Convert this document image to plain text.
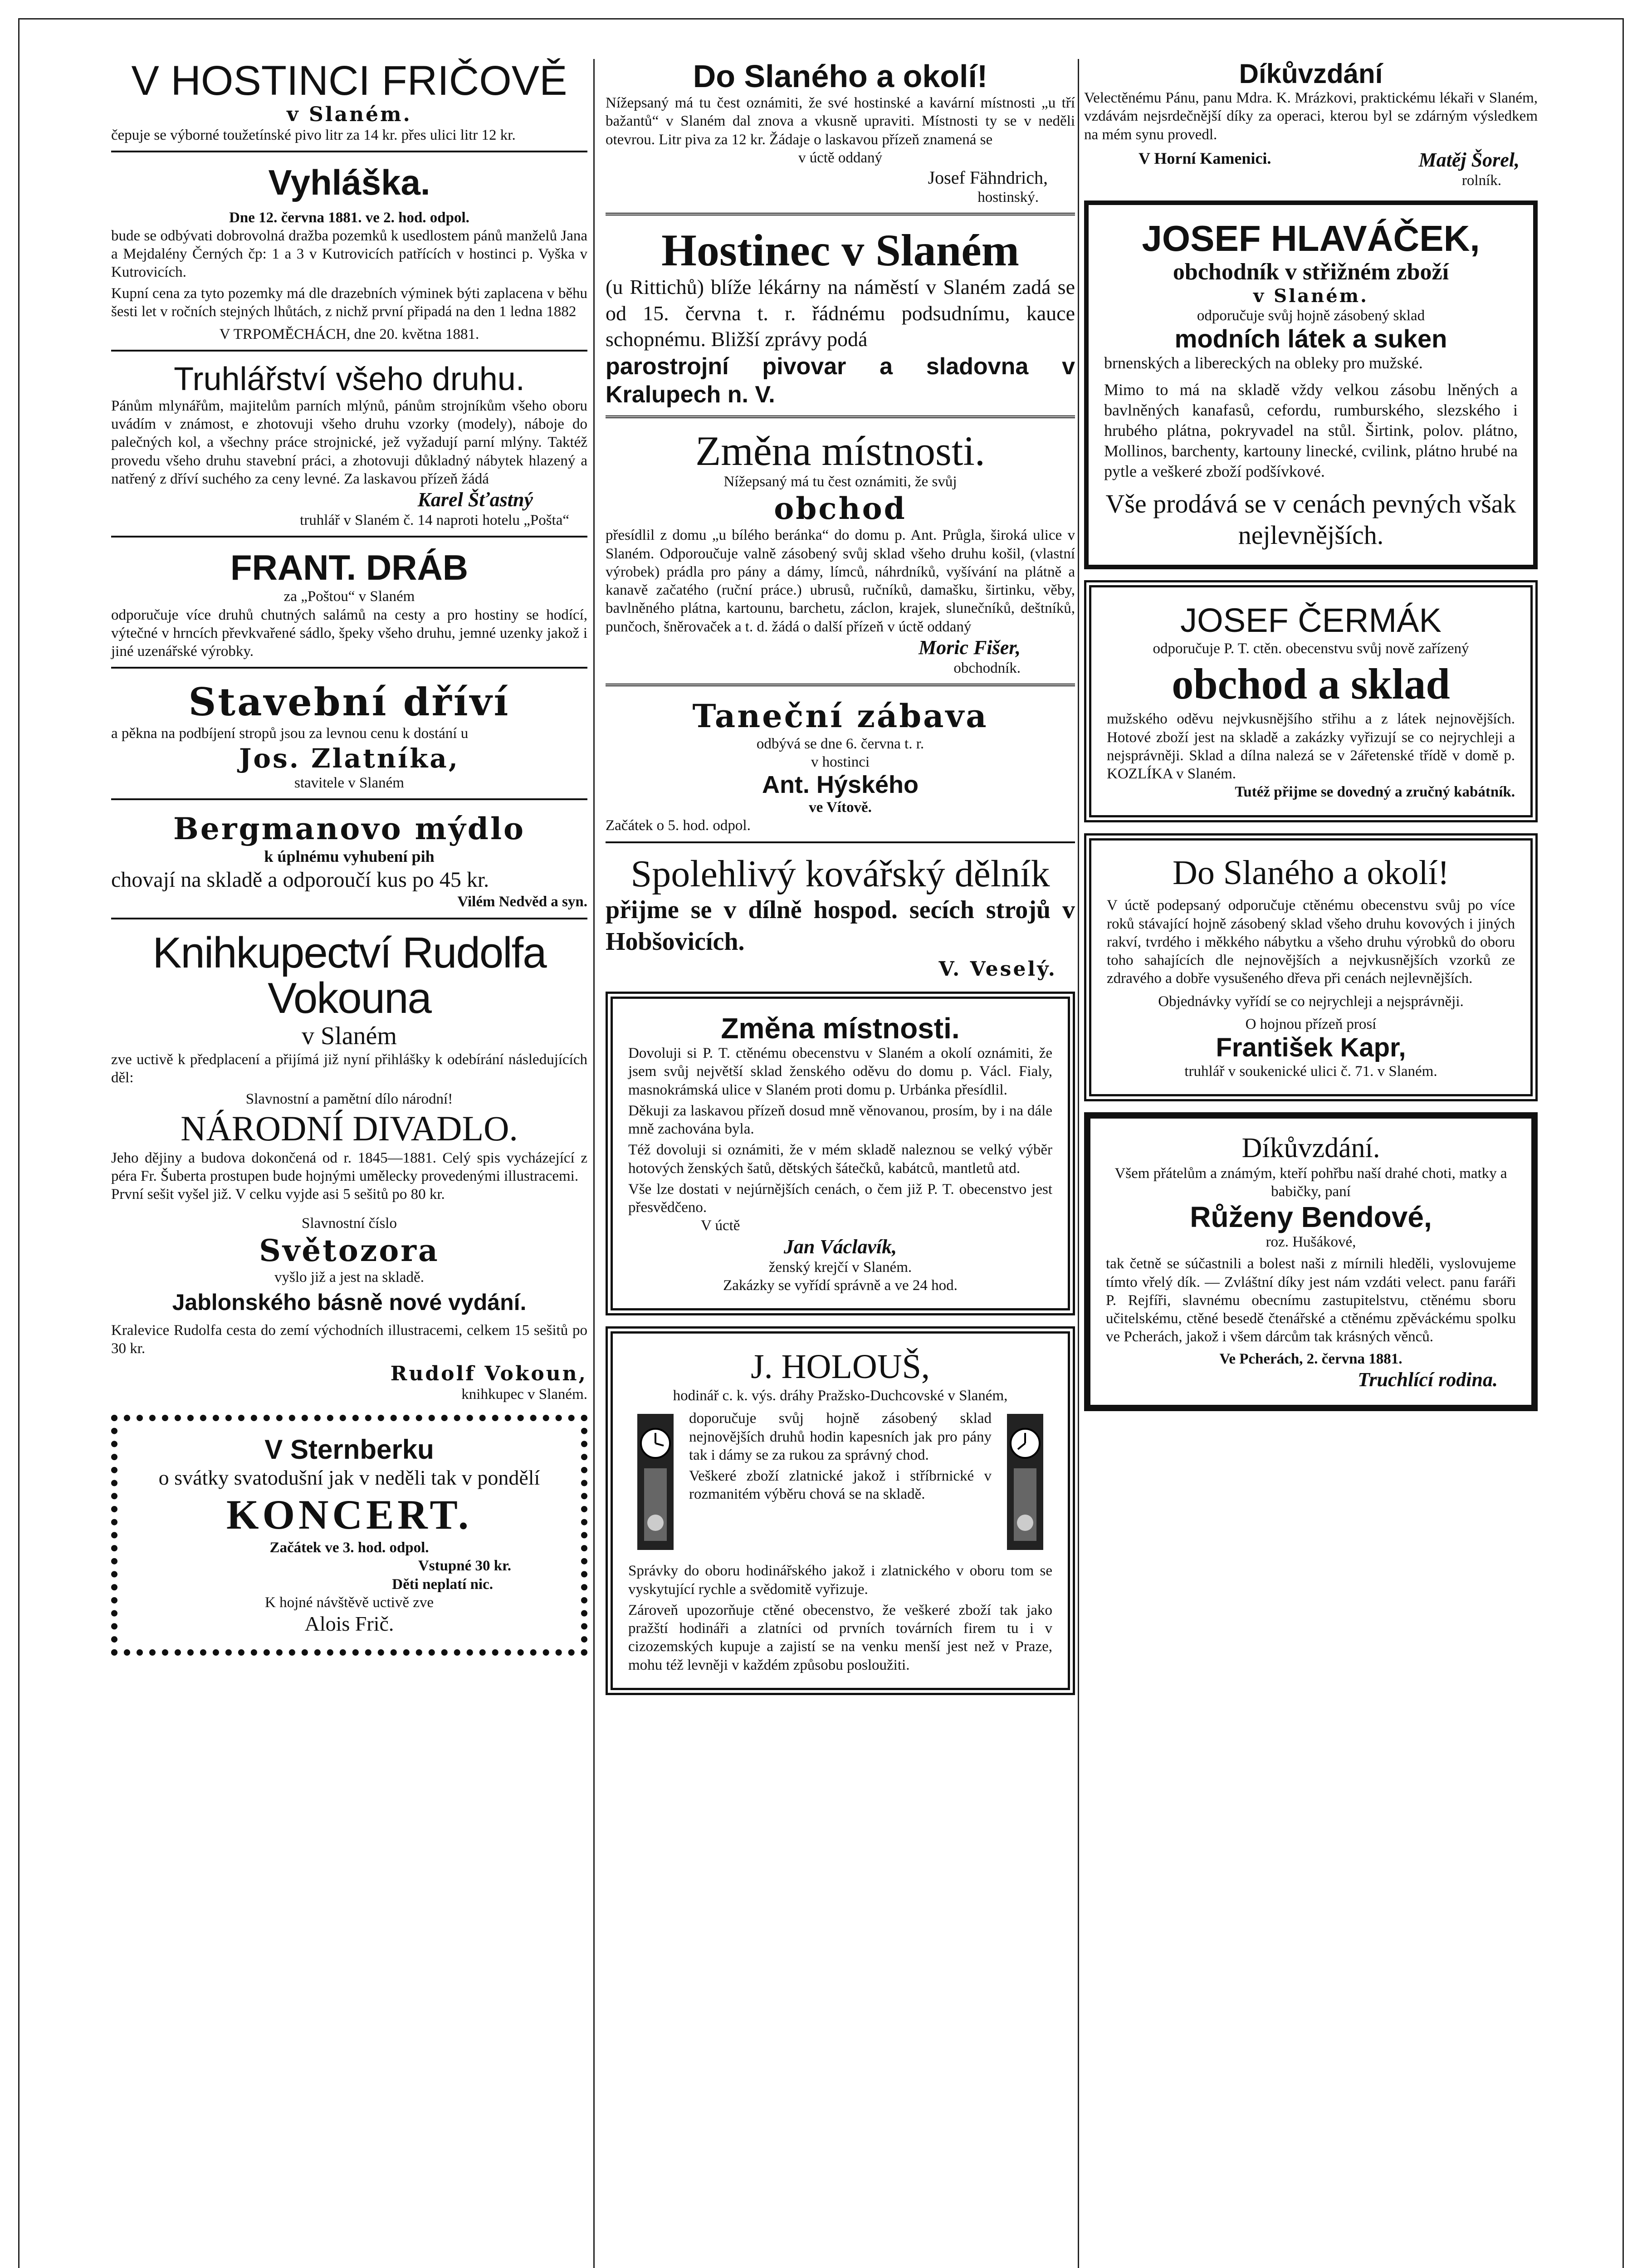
V HOSTINCI FRIČOVĚ

v Slaném.

čepuje se výborné toužetínské pivo litr za 14 kr. přes ulici litr 12 kr.

Vyhláška.

Dne 12. června 1881. ve 2. hod. odpol.

bude se odbývati dobrovolná dražba pozemků k usedlostem pánů manželů Jana a Mejdalény Černých čp: 1 a 3 v Kutrovicích patřících v hostinci p. Vyška v Kutrovicích.

Kupní cena za tyto pozemky má dle drazebních výminek býti zaplacena v běhu šesti let v ročních stejných lhůtách, z nichž první připadá na den 1 ledna 1882

V TRPOMĚCHÁCH, dne 20. května 1881.

Truhlářství všeho druhu.

Pánům mlynářům, majitelům parních mlýnů, pánům strojníkům všeho oboru uvádím v známost, e zhotovuji všeho druhu vzorky (modely), náboje do palečných kol, a všechny práce strojnické, jež vyžadují parní mlýny. Taktéž provedu všeho druhu stavební práci, a zhotovuji důkladný nábytek hlazený a natřený z dříví suchého za ceny levné. Za laskavou přízeň žádá

Karel Šťastný

truhlář v Slaném č. 14 naproti hotelu „Pošta“

FRANT. DRÁB

za „Poštou“ v Slaném

odporučuje více druhů chutných salámů na cesty a pro hostiny se hodící, výtečné v hrncích převkvařené sádlo, špeky všeho druhu, jemné uzenky jakož i jiné uzenářské výrobky.

Stavební dříví

a pěkna na podbíjení stropů jsou za levnou cenu k dostání u

Jos. Zlatníka,

stavitele v Slaném

Bergmanovo mýdlo

k úplnému vyhubení pih

chovají na skladě a odporoučí kus po 45 kr.

Vilém Nedvěd a syn.

Knihkupectví Rudolfa Vokouna

v Slaném

zve uctivě k předplacení a přijímá již nyní přihlášky k odebírání následujících děl:

Slavnostní a pamětní dílo národní!

NÁRODNÍ DIVADLO.

Jeho dějiny a budova dokončená od r. 1845—1881. Celý spis vycházející z péra Fr. Šuberta prostupen bude hojnými umělecky provedenými illustracemi.

První sešit vyšel již. V celku vyjde asi 5 sešitů po 80 kr.

Slavnostní číslo

Světozora

vyšlo již a jest na skladě.

Jablonského básně nové vydání.

Kralevice Rudolfa cesta do zemí východních illustracemi, celkem 15 sešitů po 30 kr.

Rudolf Vokoun,

knihkupec v Slaném.

V Sternberku

o svátky svatodušní jak v neděli tak v pondělí

KONCERT.

Začátek ve 3. hod. odpol.

Vstupné 30 kr.

Děti neplatí nic.

K hojné návštěvě uctivě zve

Alois Frič.

Do Slaného a okolí!

Nížepsaný má tu čest oznámiti, že své hostinské a kavární místnosti „u tří bažantů“ v Slaném dal znova a vkusně upraviti. Místnosti ty se v neděli otevrou. Litr piva za 12 kr. Žádaje o laskavou přízeň znamená se

v úctě oddaný

Josef Fähndrich,

hostinský.

Hostinec v Slaném

(u Rittichů) blíže lékárny na náměstí v Slaném zadá se od 15. června t. r. řádnému podsudnímu, kauce schopnému. Bližší zprávy podá

parostrojní pivovar a sladovna v Kralupech n. V.

Změna místnosti.

Nížepsaný má tu čest oznámiti, že svůj

obchod

přesídlil z domu „u bílého beránka“ do domu p. Ant. Průgla, široká ulice v Slaném. Odporoučuje valně zásobený svůj sklad všeho druhu košil, (vlastní výrobek) prádla pro pány a dámy, límců, náhrdníků, vyšívání na plátně a kanavě začatého (ruční práce.) ubrusů, ručníků, damašku, širtinku, věby, bavlněného plátna, kartounu, barchetu, záclon, krajek, slunečníků, deštníků, punčoch, šněrovaček a t. d. žádá o další přízeň v úctě oddaný

Moric Fišer,

obchodník.

Taneční zábava

odbývá se dne 6. června t. r.

v hostinci

Ant. Hýského

ve Vítově.

Začátek o 5. hod. odpol.

Spolehlivý kovářský dělník

přijme se v dílně hospod. secích strojů v Hobšovicích.

V. Veselý.

Změna místnosti.

Dovoluji si P. T. ctěnému obecenstvu v Slaném a okolí oznámiti, že jsem svůj největší sklad ženského oděvu do domu p. Václ. Fialy, masnokrámská ulice v Slaném proti domu p. Urbánka přesídlil.

Děkuji za laskavou přízeň dosud mně věnovanou, prosím, by i na dále mně zachována byla.

Též dovoluji si oznámiti, že v mém skladě naleznou se velký výběr hotových ženských šatů, dětských šátečků, kabátců, mantletů atd.

Vše lze dostati v nejúrnějších cenách, o čem již P. T. obecenstvo jest přesvědčeno.

V úctě

Jan Václavík,

ženský krejčí v Slaném.

Zakázky se vyřídí správně a ve 24 hod.

J. HOLOUŠ,

hodinář c. k. výs. dráhy Pražsko-Duchcovské v Slaném,

doporučuje svůj hojně zásobený sklad nejnovějších druhů hodin kapesních jak pro pány tak i dámy se za rukou za správný chod.

Veškeré zboží zlatnické jakož i stříbrnické v rozmanitém výběru chová se na skladě.

Správky do oboru hodinářského jakož i zlatnického v oboru tom se vyskytující rychle a svědomitě vyřizuje.

Zároveň upozorňuje ctěné obecenstvo, že veškeré zboží tak jako pražští hodináři a zlatníci od prvních továrních firem tu i v cizozemských kupuje a zajistí se na venku menší jest než v Praze, mohu též levněji v každém způsobu posloužiti.

Díkůvzdání

Velectěnému Pánu, panu Mdra. K. Mrázkovi, praktickému lékaři v Slaném, vzdávám nejsrdečnější díky za operaci, kterou byl se zdárným výsledkem na mém synu provedl.

V Horní Kamenici.	Matěj Šorel,

rolník.

JOSEF HLAVÁČEK,

obchodník v střižném zboží

v Slaném.

odporučuje svůj hojně zásobený sklad

modních látek a suken

brnenských a libereckých na obleky pro mužské.

Mimo to má na skladě vždy velkou zásobu lněných a bavlněných kanafasů, cefordu, rumburského, slezského i hrubého plátna, pokryvadel na stůl. Širtink, polov. plátno, Mollinos, barchenty, kartouny linecké, cvilink, plátno hrubé na pytle a veškeré zboží podšívkové.

Vše prodává se v cenách pevných však nejlevnějších.

JOSEF ČERMÁK

odporučuje P. T. ctěn. obecenstvu svůj nově zařízený

obchod a sklad

mužského oděvu nejvkusnějšího střihu a z látek nejnovějších. Hotové zboží jest na skladě a zakázky vyřizují se co nejrychleji a nejsprávněji. Sklad a dílna nalezá se v 2ářetenské třídě v domě p. KOZLÍKA v Slaném.

Tutéž přijme se dovedný a zručný kabátník.

Do Slaného a okolí!

V úctě podepsaný odporučuje ctěnému obecenstvu svůj po více roků stávající hojně zásobený sklad všeho druhu kovových i jiných rakví, tvrdého i měkkého nábytku a všeho druhu výrobků do oboru toho sahajících dle nejnovějších a nejvkusnějších vzorků ze zdravého a dobře vysušeného dřeva při cenách nejlevnějších.

Objednávky vyřídí se co nejrychleji a nejsprávněji.

O hojnou přízeň prosí

František Kapr,

truhlář v soukenické ulici č. 71. v Slaném.

Díkůvzdání.

Všem přátelům a známým, kteří pohřbu naší drahé choti, matky a babičky, paní

Růženy Bendové,

roz. Hušákové,

tak četně se súčastnili a bolest naši z mírnili hleděli, vyslovujeme tímto vřelý dík. — Zvláštní díky jest nám vzdáti velect. panu faráři P. Rejfíři, slavnému obecnímu zastupitelstvu, ctěnému sboru učitelskému, ctěné besedě čtenářské a ctěnému zpěváckému spolku ve Pcherách, jakož i všem dárcům tak krásných věnců.

Ve Pcherách, 2. června 1881.

Truchlící rodina.
